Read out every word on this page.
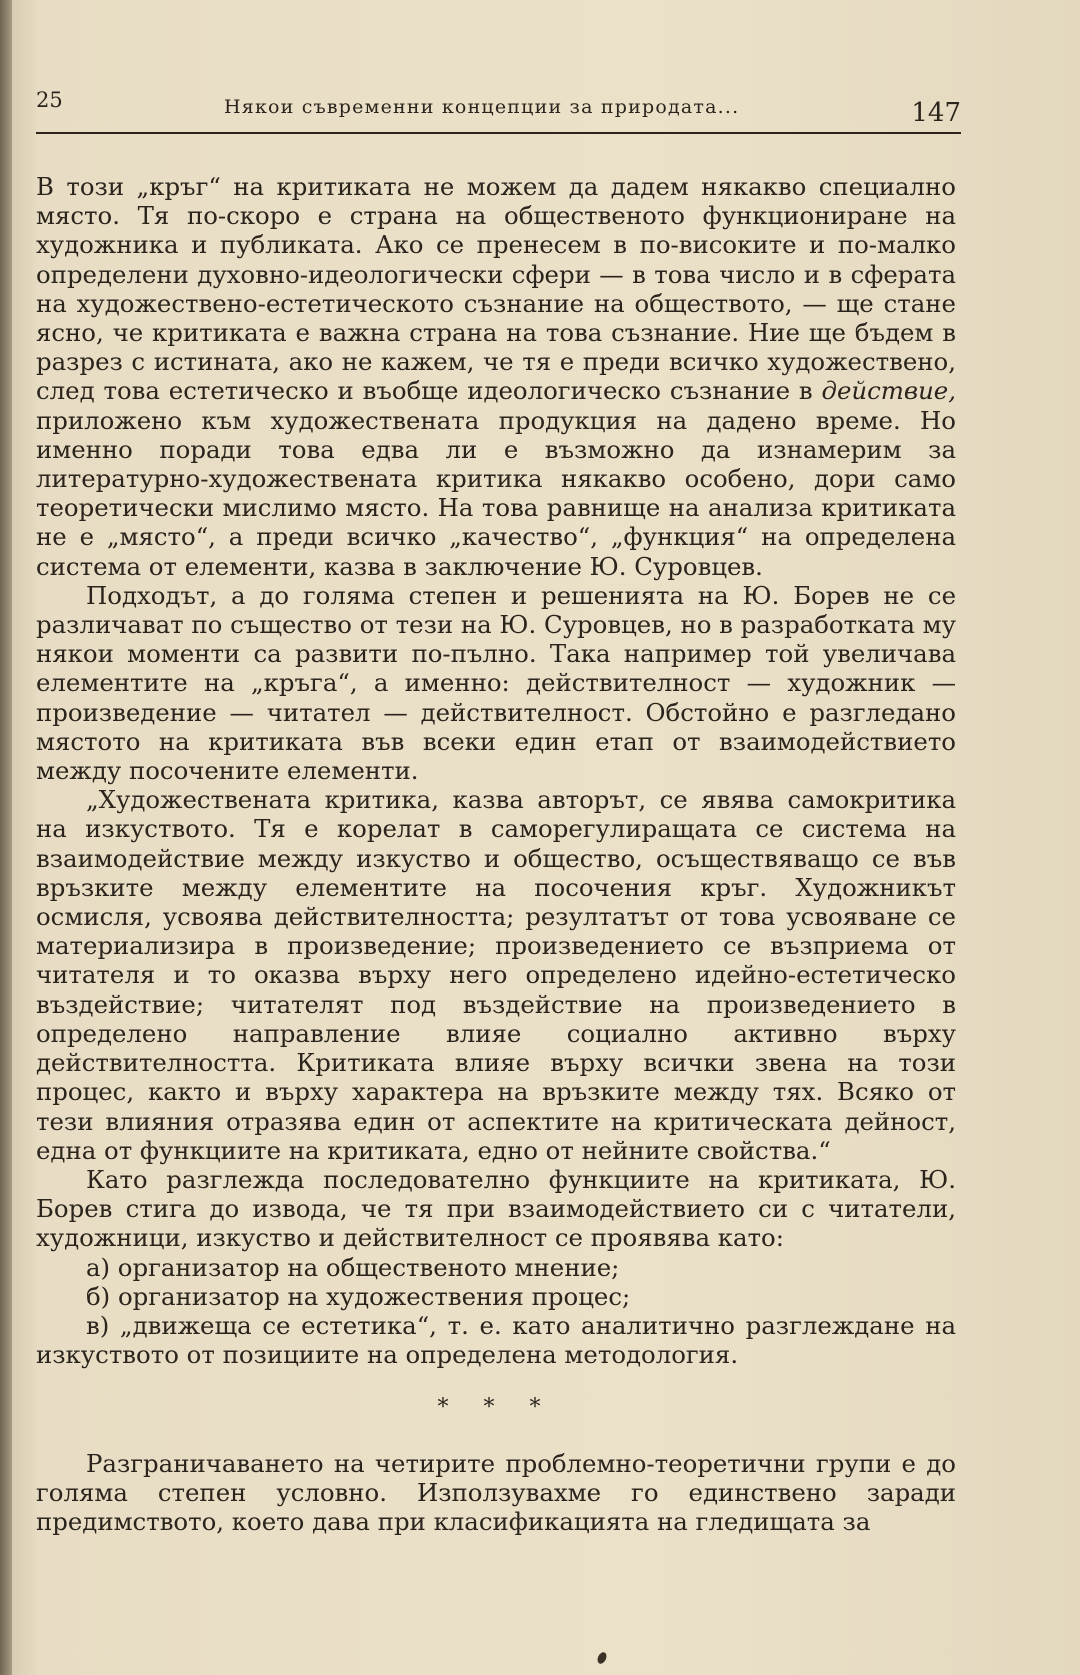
25	Някои съвременни концепции за природата...	147

В този „кръг“ на критиката не можем да дадем някакво специално място. Тя по-скоро е страна на общественото функциониране на художника и публиката. Ако се пренесем в по-високите и по-малко определени духовно-идеологически сфери — в това число и в сферата на художествено-естетическото съзнание на обществото, — ще стане ясно, че критиката е важна страна на това съзнание. Ние ще бъдем в разрез с истината, ако не кажем, че тя е преди всичко художествено, след това естетическо и въобще идеологическо съзнание в действие, приложено към художествената продукция на дадено време. Но именно поради това едва ли е възможно да изнамерим за литературно-художествената критика някакво особено, дори само теоретически мислимо място. На това равнище на анализа критиката не е „място“, а преди всичко „качество“, „функция“ на определена система от елементи, казва в заключение Ю. Суровцев.

Подходът, а до голяма степен и решенията на Ю. Борев не се различават по същество от тези на Ю. Суровцев, но в разработката му някои моменти са развити по-пълно. Така например той увеличава елементите на „кръга“, а именно: действителност — художник — произведение — читател — действителност. Обстойно е разгледано мястото на критиката във всеки един етап от взаимодействието между посочените елементи.

„Художествената критика, казва авторът, се явява самокритика на изкуството. Тя е корелат в саморегулиращата се система на взаимодействие между изкуство и общество, осъществяващо се във връзките между елементите на посочения кръг. Художникът осмисля, усвоява действителността; резултатът от това усвояване се материализира в произведение; произведението се възприема от читателя и то оказва върху него определено идейно-естетическо въздействие; читателят под въздействие на произведението в определено направление влияе социално активно върху действителността. Критиката влияе върху всички звена на този процес, както и върху характера на връзките между тях. Всяко от тези влияния отразява един от аспектите на критическата дейност, една от функциите на критиката, едно от нейните свойства.“

Като разглежда последователно функциите на критиката, Ю. Борев стига до извода, че тя при взаимодействието си с читатели, художници, изкуство и действителност се проявява като:

а) организатор на общественото мнение;

б) организатор на художествения процес;

в) „движеща се естетика“, т. е. като аналитично разглеждане на изкуството от позициите на определена методология.

* * *

Разграничаването на четирите проблемно-теоретични групи е до голяма степен условно. Използувахме го единствено заради предимството, което дава при класификацията на гледищата за
